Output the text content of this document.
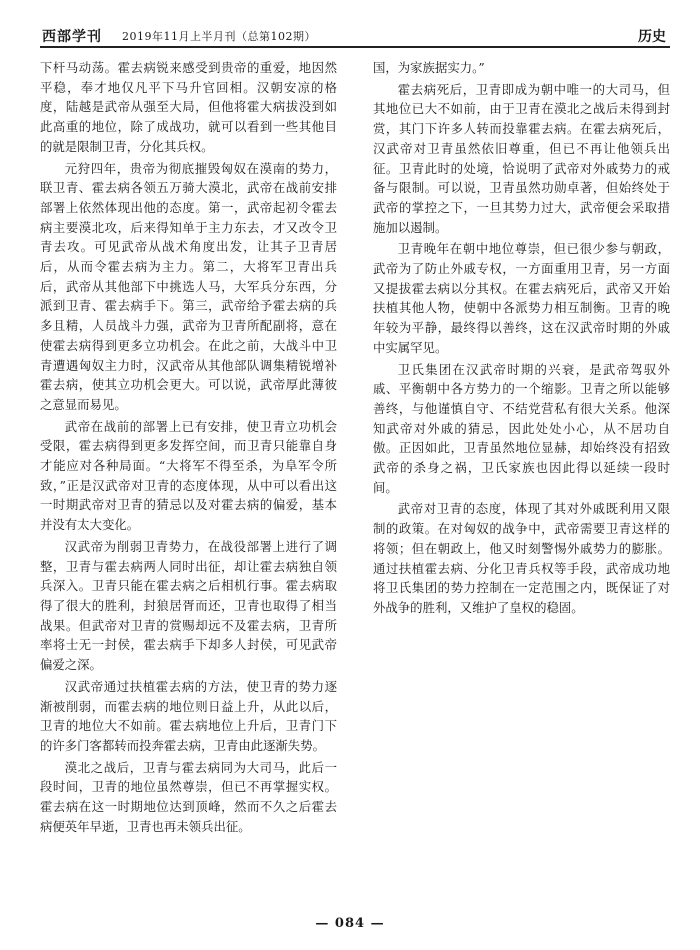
西部学刊 2019年11月上半月刊（总第102期）	历史

下杆马动荡。霍去病锐来感受到贵帝的重爱，地因然平稳，奉才地仅凡平下马升官回相。汉朝安凉的格度，陆越是武帝从强至大局，但他将霍大病拔没到如此高重的地位，除了成战功，就可以看到一些其他目的就是限制卫青，分化其兵权。

元狩四年，贵帝为彻底摧毁匈奴在漠南的势力，联卫青、霍去病各领五万骑大漠北，武帝在战前安排部署上依然体现出他的态度。第一，武帝起初令霍去病主要漠北攻，后来得知单于主力东去，才又改令卫青去攻。可见武帝从战术角度出发，让其子卫青居后，从而令霍去病为主力。第二，大将军卫青出兵后，武帝从其他部下中挑选人马，大军兵分东西，分派到卫青、霍去病手下。第三，武帝给予霍去病的兵多且精，人员战斗力强，武帝为卫青所配副将，意在使霍去病得到更多立功机会。在此之前，大战斗中卫青遭遇匈奴主力时，汉武帝从其他部队调集精锐增补霍去病，使其立功机会更大。可以说，武帝厚此薄彼之意显而易见。

武帝在战前的部署上已有安排，使卫青立功机会受限，霍去病得到更多发挥空间，而卫青只能靠自身才能应对各种局面。“大将军不得至杀，为阜军令所致，”正是汉武帝对卫青的态度体现，从中可以看出这一时期武帝对卫青的猜忌以及对霍去病的偏爱，基本并没有太大变化。

汉武帝为削弱卫青势力，在战役部署上进行了调整，卫青与霍去病两人同时出征，却让霍去病独自领兵深入。卫青只能在霍去病之后相机行事。霍去病取得了很大的胜利，封狼居胥而还，卫青也取得了相当战果。但武帝对卫青的赏赐却远不及霍去病，卫青所率将士无一封侯，霍去病手下却多人封侯，可见武帝偏爱之深。

汉武帝通过扶植霍去病的方法，使卫青的势力逐渐被削弱，而霍去病的地位则日益上升，从此以后，卫青的地位大不如前。霍去病地位上升后，卫青门下的许多门客都转而投奔霍去病，卫青由此逐渐失势。

漠北之战后，卫青与霍去病同为大司马，此后一段时间，卫青的地位虽然尊崇，但已不再掌握实权。霍去病在这一时期地位达到顶峰，然而不久之后霍去病便英年早逝，卫青也再未领兵出征。

国，为家族据实力。”

霍去病死后，卫青即成为朝中唯一的大司马，但其地位已大不如前，由于卫青在漠北之战后未得到封赏，其门下许多人转而投靠霍去病。在霍去病死后，汉武帝对卫青虽然依旧尊重，但已不再让他领兵出征。卫青此时的处境，恰说明了武帝对外戚势力的戒备与限制。可以说，卫青虽然功勋卓著，但始终处于武帝的掌控之下，一旦其势力过大，武帝便会采取措施加以遏制。

卫青晚年在朝中地位尊崇，但已很少参与朝政，武帝为了防止外戚专权，一方面重用卫青，另一方面又提拔霍去病以分其权。在霍去病死后，武帝又开始扶植其他人物，使朝中各派势力相互制衡。卫青的晚年较为平静，最终得以善终，这在汉武帝时期的外戚中实属罕见。

卫氏集团在汉武帝时期的兴衰，是武帝驾驭外戚、平衡朝中各方势力的一个缩影。卫青之所以能够善终，与他谨慎自守、不结党营私有很大关系。他深知武帝对外戚的猜忌，因此处处小心，从不居功自傲。正因如此，卫青虽然地位显赫，却始终没有招致武帝的杀身之祸，卫氏家族也因此得以延续一段时间。

武帝对卫青的态度，体现了其对外戚既利用又限制的政策。在对匈奴的战争中，武帝需要卫青这样的将领；但在朝政上，他又时刻警惕外戚势力的膨胀。通过扶植霍去病、分化卫青兵权等手段，武帝成功地将卫氏集团的势力控制在一定范围之内，既保证了对外战争的胜利，又维护了皇权的稳固。

— 084 —
